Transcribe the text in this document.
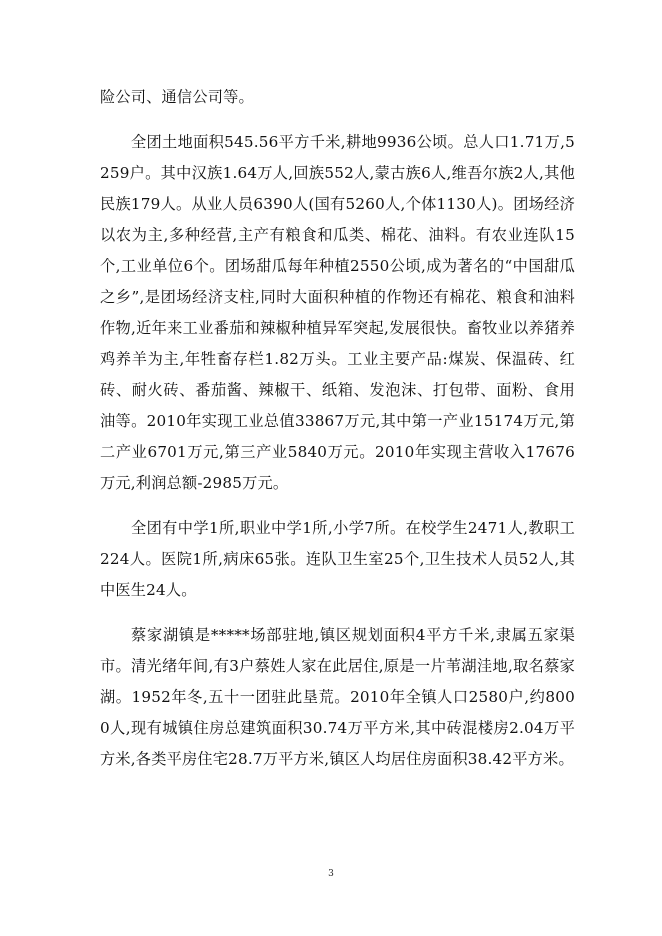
险公司、通信公司等。

全团土地面积545.56平方千米,耕地9936公顷。总人口1.71万,5259户。其中汉族1.64万人,回族552人,蒙古族6人,维吾尔族2人,其他民族179人。从业人员6390人(国有5260人,个体1130人)。团场经济以农为主,多种经营,主产有粮食和瓜类、棉花、油料。有农业连队15个,工业单位6个。团场甜瓜每年种植2550公顷,成为著名的“中国甜瓜之乡”,是团场经济支柱,同时大面积种植的作物还有棉花、粮食和油料作物,近年来工业番茄和辣椒种植异军突起,发展很快。畜牧业以养猪养鸡养羊为主,年牲畜存栏1.82万头。工业主要产品:煤炭、保温砖、红砖、耐火砖、番茄酱、辣椒干、纸箱、发泡沫、打包带、面粉、食用油等。2010年实现工业总值33867万元,其中第一产业15174万元,第二产业6701万元,第三产业5840万元。2010年实现主营收入17676万元,利润总额-2985万元。

全团有中学1所,职业中学1所,小学7所。在校学生2471人,教职工224人。医院1所,病床65张。连队卫生室25个,卫生技术人员52人,其中医生24人。

蔡家湖镇是*****场部驻地,镇区规划面积4平方千米,隶属五家渠市。清光绪年间,有3户蔡姓人家在此居住,原是一片苇湖洼地,取名蔡家湖。1952年冬,五十一团驻此垦荒。2010年全镇人口2580户,约8000人,现有城镇住房总建筑面积30.74万平方米,其中砖混楼房2.04万平方米,各类平房住宅28.7万平方米,镇区人均居住房面积38.42平方米。

3
